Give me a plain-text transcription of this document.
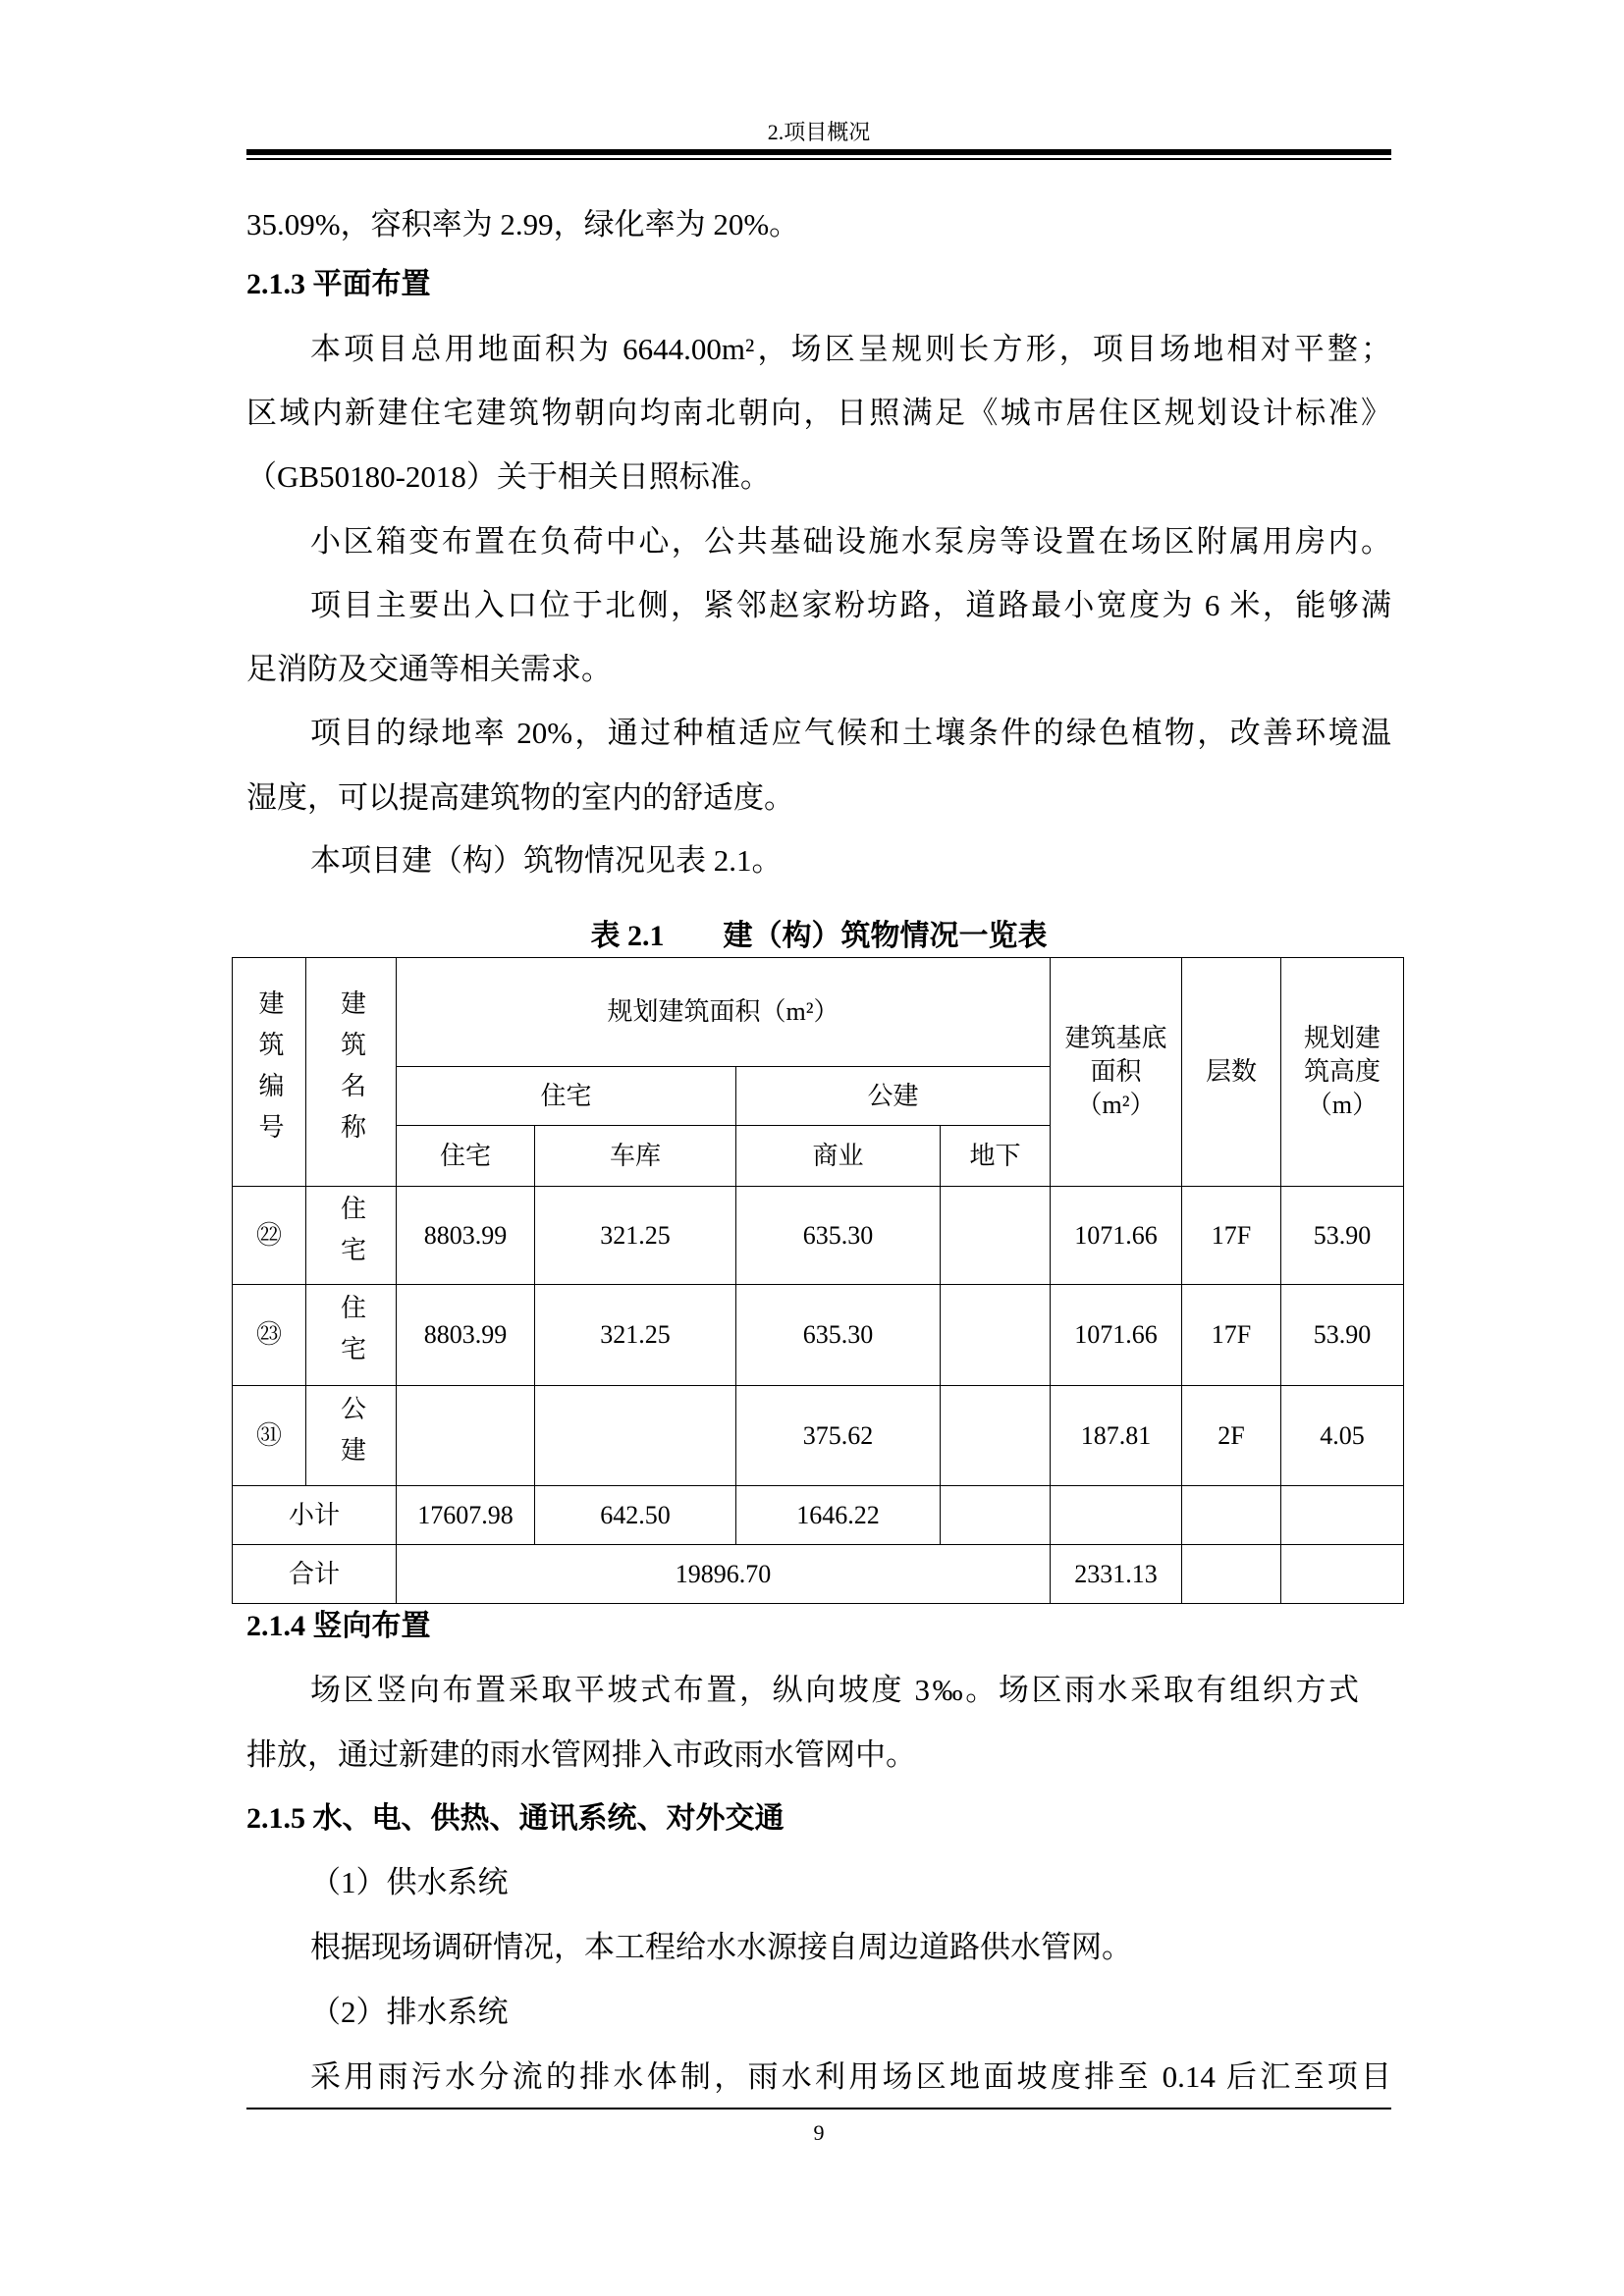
2.项目概况
35.09%，容积率为 2.99，绿化率为 20%。
2.1.3 平面布置
本项目总用地面积为 6644.00m²，场区呈规则长方形，项目场地相对平整；
区域内新建住宅建筑物朝向均南北朝向，日照满足《城市居住区规划设计标准》
（GB50180-2018）关于相关日照标准。
小区箱变布置在负荷中心，公共基础设施水泵房等设置在场区附属用房内。
项目主要出入口位于北侧，紧邻赵家粉坊路，道路最小宽度为 6 米，能够满
足消防及交通等相关需求。
项目的绿地率 20%，通过种植适应气候和土壤条件的绿色植物，改善环境温
湿度，可以提高建筑物的室内的舒适度。
本项目建（构）筑物情况见表 2.1。
表 2.1        建（构）筑物情况一览表
建筑编号	建筑名称	规划建筑面积（m²）				建筑基底面积（m²）	层数	规划建筑高度（m）
		住宅		公建				
		住宅	车库	商业	地下			
㉒	住宅	8803.99	321.25	635.30		1071.66	17F	53.90
㉓	住宅	8803.99	321.25	635.30		1071.66	17F	53.90
㉛	公建			375.62		187.81	2F	4.05
小计		17607.98	642.50	1646.22				
合计		19896.70				2331.13		
2.1.4 竖向布置
场区竖向布置采取平坡式布置，纵向坡度 3‰。场区雨水采取有组织方式
排放，通过新建的雨水管网排入市政雨水管网中。
2.1.5 水、电、供热、通讯系统、对外交通
（1）供水系统
根据现场调研情况，本工程给水水源接自周边道路供水管网。
（2）排水系统
采用雨污水分流的排水体制，雨水利用场区地面坡度排至 0.14 后汇至项目
9
